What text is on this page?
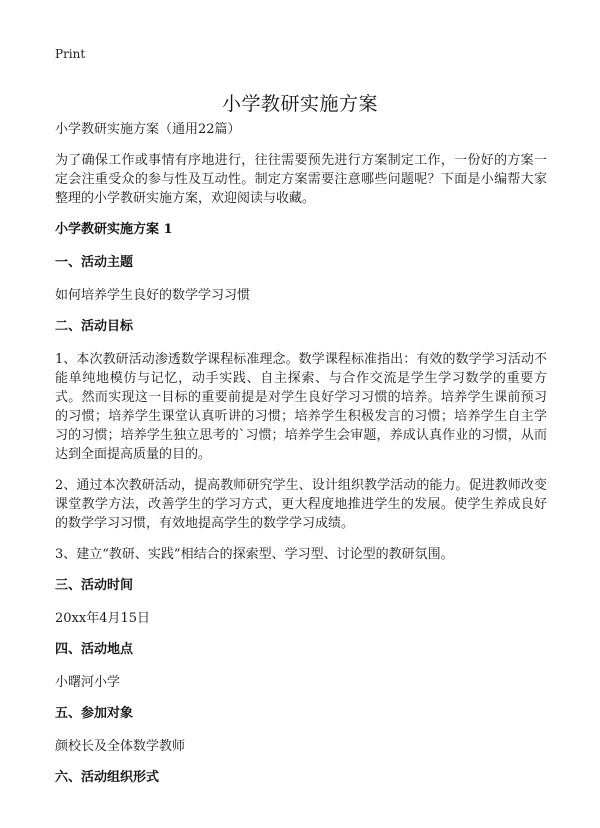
Print
小学教研实施方案

小学教研实施方案（通用22篇）

为了确保工作或事情有序地进行，往往需要预先进行方案制定工作，一份好的方案一定会注重受众的参与性及互动性。制定方案需要注意哪些问题呢？下面是小编帮大家整理的小学教研实施方案，欢迎阅读与收藏。

小学教研实施方案 1
一、活动主题

如何培养学生良好的数学学习习惯

二、活动目标

1、本次教研活动渗透数学课程标准理念。数学课程标准指出：有效的数学学习活动不能单纯地模仿与记忆，动手实践、自主探索、与合作交流是学生学习数学的重要方式。然而实现这一目标的重要前提是对学生良好学习习惯的培养。培养学生课前预习的习惯；培养学生课堂认真听讲的习惯；培养学生积极发言的习惯；培养学生自主学习的习惯；培养学生独立思考的`习惯；培养学生会审题，养成认真作业的习惯，从而达到全面提高质量的目的。

2、通过本次教研活动，提高教师研究学生、设计组织教学活动的能力。促进教师改变课堂教学方法，改善学生的学习方式，更大程度地推进学生的发展。使学生养成良好的数学学习习惯，有效地提高学生的数学学习成绩。

3、建立“教研、实践”相结合的探索型、学习型、讨论型的教研氛围。

三、活动时间

20xx年4月15日

四、活动地点

小曙河小学

五、参加对象

颜校长及全体数学教师

六、活动组织形式
